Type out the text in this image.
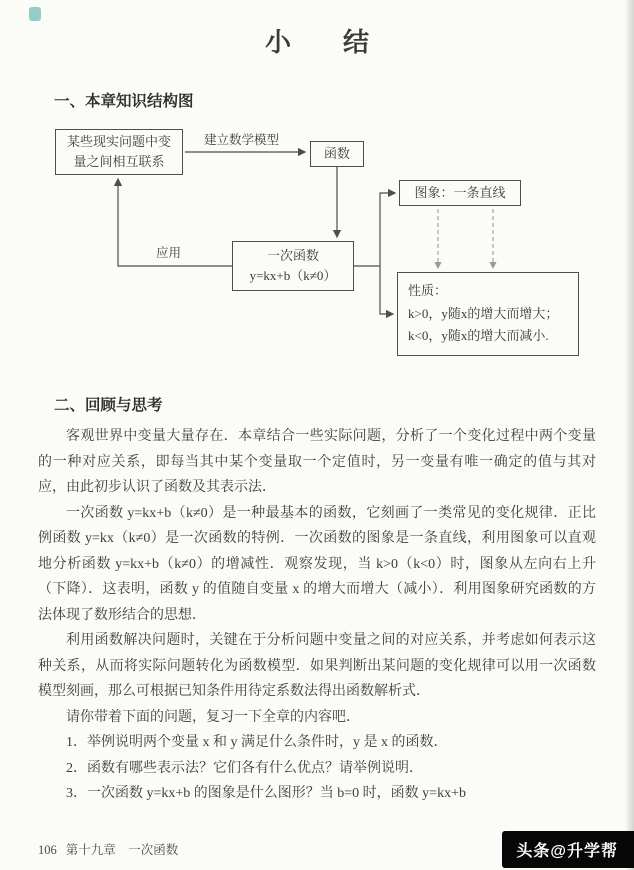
小　结
一、本章知识结构图
某些现实问题中变量之间相互联系
建立数学模型
函数
图象：一条直线
一次函数
y=kx+b（k≠0）
应用
性质：
k>0，y随x的增大而增大；
k<0，y随x的增大而减小.
二、回顾与思考

客观世界中变量大量存在．本章结合一些实际问题，分析了一个变化过程中两个变量的一种对应关系，即每当其中某个变量取一个定值时，另一变量有唯一确定的值与其对应，由此初步认识了函数及其表示法．

一次函数 y=kx+b（k≠0）是一种最基本的函数，它刻画了一类常见的变化规律．正比例函数 y=kx（k≠0）是一次函数的特例．一次函数的图象是一条直线，利用图象可以直观地分析函数 y=kx+b（k≠0）的增减性．观察发现，当 k>0（k<0）时，图象从左向右上升（下降）．这表明，函数 y 的值随自变量 x 的增大而增大（减小）．利用图象研究函数的方法体现了数形结合的思想．

利用函数解决问题时，关键在于分析问题中变量之间的对应关系，并考虑如何表示这种关系，从而将实际问题转化为函数模型．如果判断出某问题的变化规律可以用一次函数模型刻画，那么可根据已知条件用待定系数法得出函数解析式．

请你带着下面的问题，复习一下全章的内容吧．

1．举例说明两个变量 x 和 y 满足什么条件时，y 是 x 的函数．

2．函数有哪些表示法？它们各有什么优点？请举例说明．

3．一次函数 y=kx+b 的图象是什么图形？当 b=0 时，函数 y=kx+b

106 第十九章　一次函数	头条@升学帮
